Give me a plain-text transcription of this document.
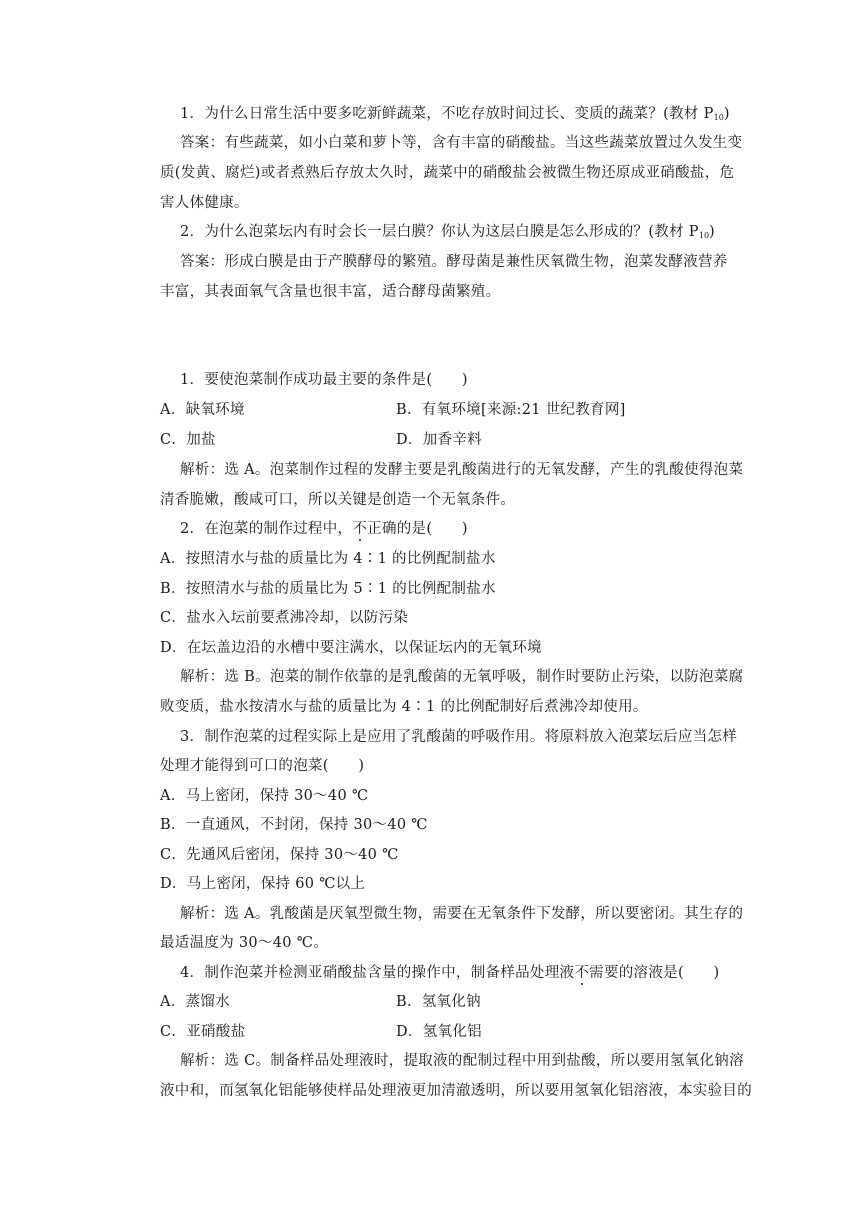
1．为什么日常生活中要多吃新鲜蔬菜，不吃存放时间过长、变质的蔬菜？(教材 $P_{10}$)
答案：有些蔬菜，如小白菜和萝卜等，含有丰富的硝酸盐。当这些蔬菜放置过久发生变
质(发黄、腐烂)或者煮熟后存放太久时，蔬菜中的硝酸盐会被微生物还原成亚硝酸盐，危
害人体健康。
2．为什么泡菜坛内有时会长一层白膜？你认为这层白膜是怎么形成的？(教材 $P_{10}$)
答案：形成白膜是由于产膜酵母的繁殖。酵母菌是兼性厌氧微生物，泡菜发酵液营养
丰富，其表面氧气含量也很丰富，适合酵母菌繁殖。
1．要使泡菜制作成功最主要的条件是(　　)
A．缺氧环境	B．有氧环境[来源:21 世纪教育网]
C．加盐	D．加香辛料
解析：选 A。泡菜制作过程的发酵主要是乳酸菌进行的无氧发酵，产生的乳酸使得泡菜
清香脆嫩，酸咸可口，所以关键是创造一个无氧条件。
2．在泡菜的制作过程中，不正确的是(　　)
A．按照清水与盐的质量比为 4∶1 的比例配制盐水
B．按照清水与盐的质量比为 5∶1 的比例配制盐水
C．盐水入坛前要煮沸冷却，以防污染
D．在坛盖边沿的水槽中要注满水，以保证坛内的无氧环境
解析：选 B。泡菜的制作依靠的是乳酸菌的无氧呼吸，制作时要防止污染，以防泡菜腐
败变质，盐水按清水与盐的质量比为 4∶1 的比例配制好后煮沸冷却使用。
3．制作泡菜的过程实际上是应用了乳酸菌的呼吸作用。将原料放入泡菜坛后应当怎样
处理才能得到可口的泡菜(　　)
A．马上密闭，保持 30～40 ℃
B．一直通风，不封闭，保持 30～40 ℃
C．先通风后密闭，保持 30～40 ℃
D．马上密闭，保持 60 ℃以上
解析：选 A。乳酸菌是厌氧型微生物，需要在无氧条件下发酵，所以要密闭。其生存的
最适温度为 30～40 ℃。
4．制作泡菜并检测亚硝酸盐含量的操作中，制备样品处理液不需要的溶液是(　　)
A．蒸馏水	B．氢氧化钠
C．亚硝酸盐	D．氢氧化铝
解析：选 C。制备样品处理液时，提取液的配制过程中用到盐酸，所以要用氢氧化钠溶
液中和，而氢氧化铝能够使样品处理液更加清澈透明，所以要用氢氧化铝溶液，本实验目的
